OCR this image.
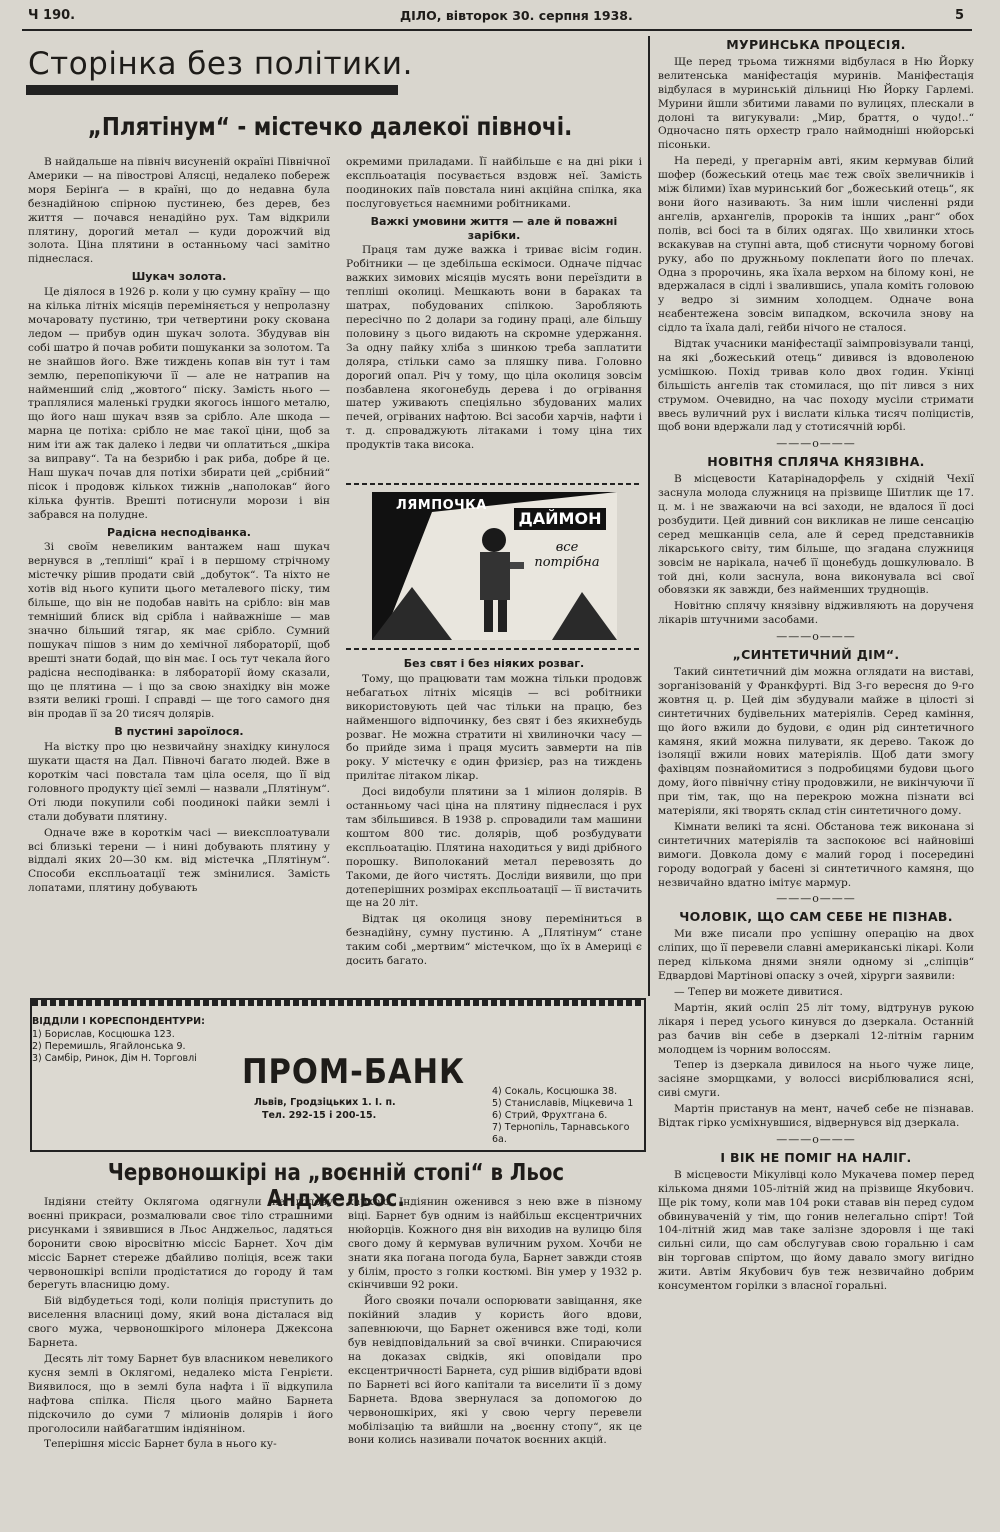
Ч 190.	ДІЛО, вівторок 30. серпня 1938.	5
Сторінка без політики.
„Плятінум“ - містечко далекої півночі.

В найдальше на північ висуненій окраїні Північної Америки — на півострові Алясці, недалеко побереж моря Берінґа — в країні, що до недавна була безнадійною спірною пустинею, без дерев, без життя — почався ненадійно рух. Там відкрили плятину, дорогий метал — куди дорожчий від золота. Ціна плятини в останньому часі замітно піднеслася.

Шукач золота.

Це діялося в 1926 р. коли у цю сумну країну — що на кілька літніх місяців переміняється у непролазну мочаровату пустиню, три четвертини року скована ледом — прибув один шукач золота. Збудував він собі шатро й почав робити пошуканки за золотом. Та не знайшов його. Вже тиждень копав він тут і там землю, перепопікуючи її — але не натрапив на найменший слід „жовтого“ піску. Замість нього — траплялися маленькі грудки якогось іншого металю, що його наш шукач взяв за срібло. Але шкода — марна це потіха: срібло не має такої ціни, щоб за ним іти аж так далеко і ледви чи оплатиться „шкіра за виправу“. Та на безрибю і рак риба, добре й це. Наш шукач почав для потіхи збирати цей „срібний“ пісок і продовж кількох тижнів „наполокав“ його кілька фунтів. Врешті потиснули морози і він забрався на полудне.

Радісна несподіванка.

Зі своїм невеликим вантажем наш шукач вернувся в „тепліші“ краї і в першому стрічному містечку рішив продати свій „добуток“. Та ніхто не хотів від нього купити цього металевого піску, тим більше, що він не подобав навіть на срібло: він мав темніший блиск від срібла і найважніше — мав значно більший тягар, як має срібло. Сумний пошукач пішов з ним до хемічної лябораторії, щоб врешті знати бодай, що він має. І ось тут чекала його радісна несподіванка: в лябораторії йому сказали, що це плятина — і що за свою знахідку він може взяти великі гроші. І справді — ще того самого дня він продав її за 20 тисяч долярів.

В пустині зароїлося.

На вістку про цю незвичайну знахідку кинулося шукати щастя на Дал. Півночі багато людей. Вже в короткім часі повстала там ціла оселя, що її від головного продукту цієї землі — назвали „Плятінум“. Оті люди покупили собі поодинокі пайки землі і стали добувати плятину.

Одначе вже в короткім часі — виексплоатували всі близькі терени — і нині добувають плятину у віддалі яких 20—30 км. від містечка „Плятінум“. Способи експльоатації теж змінилися. Замість лопатами, плятину добувають

окремими приладами. Її найбільше є на дні ріки і експльоатація посувається вздовж неї. Замість поодиноких паїв повстала нині акційна спілка, яка послуговується наємними робітниками.

Важкі умовини життя — але й поважні зарібки.

Праця там дуже важка і триває вісім годин. Робітники — це здебільша ескімоси. Одначе підчас важких зимових місяців мусять вони переїздити в тепліші околиці. Мешкають вони в бараках та шатрах, побудованих спілкою. Заробляють пересічно по 2 долари за годину праці, але більшу половину з цього видають на скромне удержання. За одну пайку хліба з шинкою треба заплатити доляра, стільки само за пляшку пива. Головно дорогий опал. Річ у тому, що ціла околиця зовсім позбавлена якогонебудь дерева і до огрівання шатер уживають спеціяльно збудованих малих печей, огріваних нафтою. Всі засоби харчів, нафти і т. д. спроваджують літаками і тому ціна тих продуктів така висока.

ЛЯМПОЧКА
ДАЙМОН
все потрібна
Без свят і без ніяких розваг.

Тому, що працювати там можна тільки продовж небагатьох літніх місяців — всі робітники використовують цей час тільки на працю, без найменшого відпочинку, без свят і без якихнебудь розваг. Не можна стратити ні хвилиночки часу — бо прийде зима і праця мусить завмерти на пів року. У містечку є один фризієр, раз на тиждень прилітає літаком лікар.

Досі видобули плятини за 1 мілион долярів. В останньому часі ціна на плятину піднеслася і рух там збільшився. В 1938 р. спровадили там машини коштом 800 тис. долярів, щоб розбудувати експльоатацію. Плятина находиться у виді дрібного порошку. Виполоканий метал перевозять до Такоми, де його чистять. Досліди виявили, що при дотеперішних розмірах експльоатації — її вистачить ще на 20 літ.

Відтак ця околиця знову переміниться в безнадійну, сумну пустиню. А „Плятінум“ стане таким собі „мертвим“ містечком, що їх в Америці є досить багато.

МУРИНСЬКА ПРОЦЕСІЯ.

Ще перед трьома тижнями відбулася в Ню Йорку велитенська маніфестація муринів. Маніфестація відбулася в муринській дільниці Ню Йорку Гарлемі. Мурини йшли збитими лавами по вулицях, плескали в долоні та вигукували: „Мир, браття, о чудо!..“ Одночасно пять орхестр грало наймодніші нюйорські пісоньки.

На переді, у прегарнім авті, яким кермував білий шофер (божеський отець має теж своїх звеличників і між білими) їхав муринський бог „божеський отець“, як вони його називають. За ним ішли численні ряди ангелів, архангелів, пророків та інших „ранг“ обох полів, всі босі та в білих одягах. Що хвилинки хтось вскакував на ступні авта, щоб стиснути чорному богові руку, або по дружньому поклепати його по плечах. Одна з пророчинь, яка їхала верхом на білому коні, не вдержалася в сідлі і звалившись, упала коміть головою у ведро зі зимним холодцем. Одначе вона нєабентежена зовсім випадком, вскочила знову на сідло та їхала далі, гейби нічого не сталося.

Відтак учасники маніфестації заімпровізували танці, на які „божеський отець“ дивився із вдоволеною усмішкою. Похід тривав коло двох годин. Укінці більшість ангелів так стомилася, що піт лився з них струмом. Очевидно, на час походу мусіли стримати ввесь вуличний рух і вислати кілька тисяч поліцистів, щоб вони вдержали лад у стотисячній юрбі.

———о———
НОВІТНЯ СПЛЯЧА КНЯЗІВНА.

В місцевости Катарінадорфель у східній Чехії заснула молода служниця на прізвище Шитлик ще 17. ц. м. і не зважаючи на всі заходи, не вдалося її досі розбудити. Цей дивний сон викликав не лише сенсацію серед мешканців села, але й серед представників лікарського світу, тим більше, що згадана служниця зовсім не нарікала, начеб її щонебудь дошкулювало. В той дні, коли заснула, вона виконувала всі свої обовязки як завжди, без найменших труднощів.

Новітню сплячу князівну відживляють на дорученя лікарів штучними засобами.

———о———
„СИНТЕТИЧНИЙ ДІМ“.

Такий синтетичний дім можна оглядати на виставі, зорганізованій у Франкфурті. Від 3-го вересня до 9-го жовтня ц. р. Цей дім збудували майже в цілості зі синтетичних будівельних матеріялів. Серед каміння, що його вжили до будови, є один рід синтетичного камяня, який можна пилувати, як дерево. Також до ізоляції вжили нових матеріялів. Щоб дати змогу фахівцям познайомитися з подробицями будови цього дому, його північну стіну продовжили, не викінчуючи її при тім, так, що на перекрою можна пізнати всі матеріяли, які творять склад стін синтетичного дому.

Кімнати великі та ясні. Обстанова теж виконана зі синтетичних матеріялів та заспокоює всі найновіші вимоги. Довкола дому є малий город і посередині городу водограй у басені зі синтетичного камяня, що незвичайно вдатно імітує мармур.

———о———
ЧОЛОВІК, ЩО САМ СЕБЕ НЕ ПІЗНАВ.

Ми вже писали про успішну операцію на двох сліпих, що її перевели славні американські лікарі. Коли перед кількома днями зняли одному зі „сліпців“ Едвардові Мартінові опаску з очей, хірурги заявили:

— Тепер ви можете дивитися.

Мартін, який осліп 25 літ тому, відтрунув рукою лікаря і перед усього кинувся до дзеркала. Останній раз бачив він себе в дзеркалі 12-літнім гарним молодцем із чорним волоссям.

Тепер із дзеркала дивилося на нього чуже лице, засіяне зморщками, у волоссі висріблювалися ясні, сиві смуги.

Мартін пристанув на мент, начеб себе не пізнавав. Відтак гірко усміхнувшися, відвернувся від дзеркала.

———о———
І ВІК НЕ ПОМІГ НА НАЛІГ.

В місцевости Мікулівці коло Мукачева помер перед кількома днями 105-літній жид на прізвище Якубович. Ще рік тому, коли мав 104 роки ставав він перед судом обвинуваченій у тім, що гонив нелегально спірт! Той 104-літній жид мав таке залізне здоровля і ще такі сильні сили, що сам обслугував свою горальню і сам він торговав спіртом, що йому давало змогу вигідно жити. Автім Якубович був теж незвичайно добрим консументом горілки з власної горальні.

ВІДДІЛИ І КОРЕСПОНДЕНТУРИ:
1) Борислав, Косцюшка 123.
2) Перемишль, Ягайлонська 9.
3) Самбір, Ринок, Дім Н. Торговлі ПРОМ-БАНК
Львів, Гродзіцьких 1. І. п.
Тел. 292-15 і 200-15.
4) Сокаль, Косцюшка 38.
5) Станиславів, Міцкевича 1
6) Стрий, Фрухтгана 6.
7) Тернопіль, Тарнавського 6а.
Червоношкірі на „воєнній стопі“ в Льос Анджельос.

Індіяни стейту Оклягома одягнули на голову воєнні прикраси, розмалювали своє тіло страшними рисунками і зявившися в Льос Анджельос, ладяться боронити свою віросвітню міссіс Барнет. Хоч дім міссіс Барнет стереже дбайливо поліція, всеж таки червоношкірі вспіли продістатися до городу й там берегуть власницю дому.

Бій відбудеться тоді, коли поліція приступить до виселення власниці дому, який вона дісталася від свого мужа, червоношкірого мілонера Джексона Барнета.

Десять літ тому Барнет був власником невеликого кусня землі в Оклягомі, недалеко міста Генрієти. Виявилося, що в землі була нафта і її відкупила нафтова спілка. Після цього майно Барнета підскочило до суми 7 мілионів долярів і його проголосили найбагатшим індіяніном.

Теперішня міссіс Барнет була в нього ку-

харкою. Індіянин оженився з нею вже в пізному віці. Барнет був одним із найбільш ексцентричних нюйорців. Кожного дня він виходив на вулицю біля свого дому й кермував вуличним рухом. Хочби не знати яка погана погода була, Барнет завжди стояв у білім, просто з голки костюмі. Він умер у 1932 р. скінчивши 92 роки.

Його свояки почали оспорювати завіщання, яке покійний зладив у користь його вдови, запевнюючи, що Барнет оженився вже тоді, коли був невідповідальний за свої вчинки. Спираючися на доказах свідків, які оповідали про ексцентричності Барнета, суд рішив відібрати вдові по Барнеті всі його капітали та виселити її з дому Барнета. Вдова звернулася за допомогою до червоношкірих, які у свою чергу перевели мобілізацію та вийшли на „воєнну стопу“, як це вони колись називали початок воєнних акцій.
